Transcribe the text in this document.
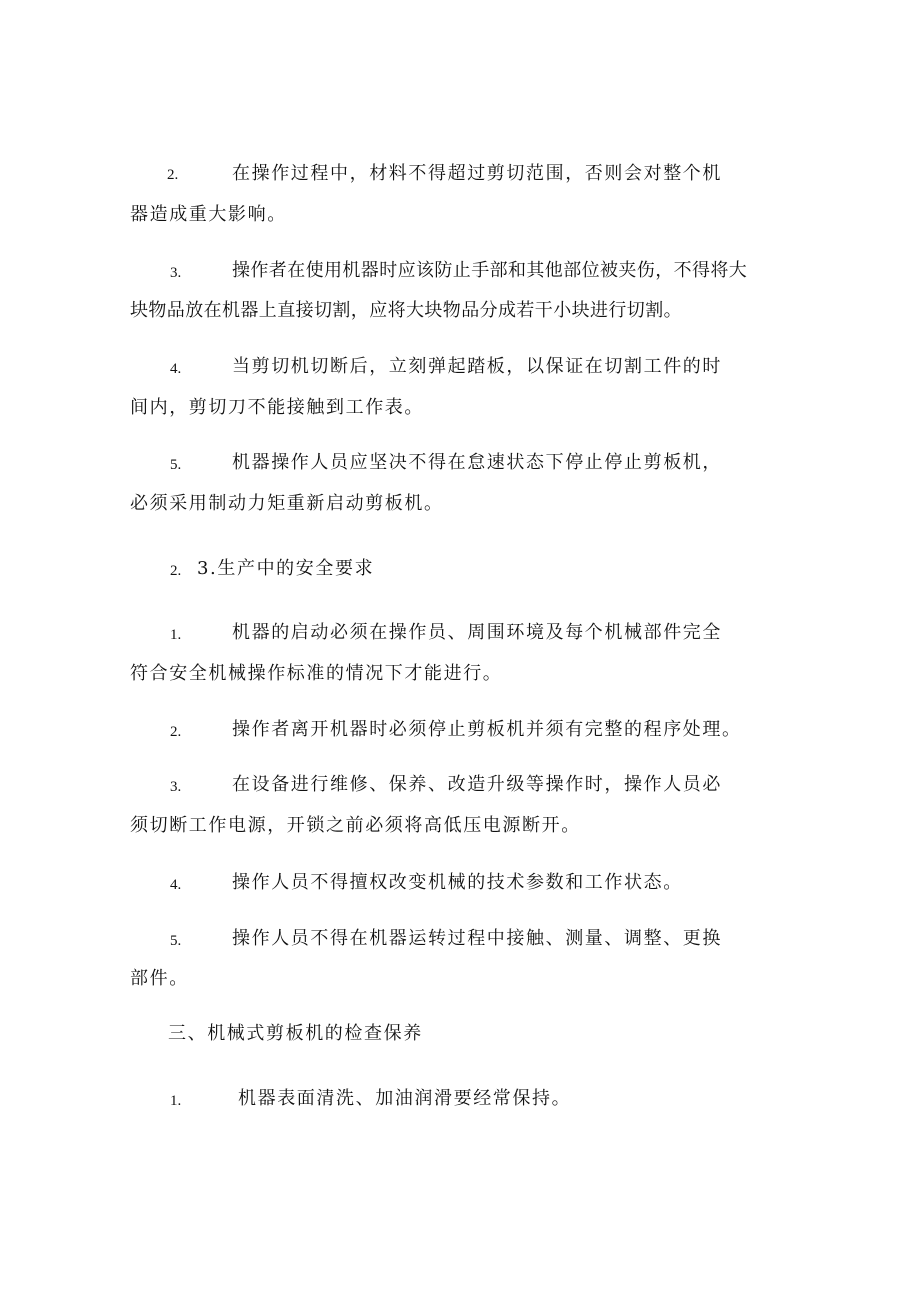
2.	在操作过程中，材料不得超过剪切范围，否则会对整个机
器造成重大影响。
3.	操作者在使用机器时应该防止手部和其他部位被夹伤，不得将大
块物品放在机器上直接切割，应将大块物品分成若干小块进行切割。
4.	当剪切机切断后，立刻弹起踏板，以保证在切割工件的时
间内，剪切刀不能接触到工作表。
5.	机器操作人员应坚决不得在怠速状态下停止停止剪板机，
必须采用制动力矩重新启动剪板机。
2. 3.生产中的安全要求
1.	机器的启动必须在操作员、周围环境及每个机械部件完全
符合安全机械操作标准的情况下才能进行。
2.	操作者离开机器时必须停止剪板机并须有完整的程序处理。
3.	在设备进行维修、保养、改造升级等操作时，操作人员必
须切断工作电源，开锁之前必须将高低压电源断开。
4.	操作人员不得擅权改变机械的技术参数和工作状态。
5.	操作人员不得在机器运转过程中接触、测量、调整、更换
部件。
三、机械式剪板机的检查保养
1.	机器表面清洗、加油润滑要经常保持。
